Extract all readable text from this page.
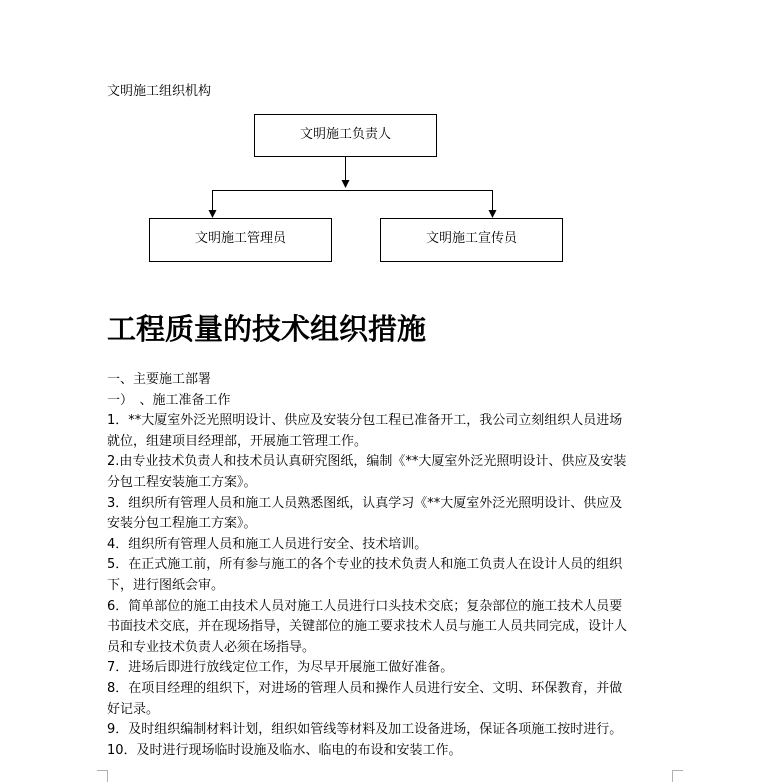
文明施工组织机构
文明施工负责人
文明施工管理员	文明施工宣传员
工程质量的技术组织措施
一、主要施工部署
一）　、施工准备工作
1．**大厦室外泛光照明设计、供应及安装分包工程已准备开工，我公司立刻组织人员进场
就位，组建项目经理部，开展施工管理工作。
2.由专业技术负责人和技术员认真研究图纸，编制《**大厦室外泛光照明设计、供应及安装
分包工程安装施工方案》。
3．组织所有管理人员和施工人员熟悉图纸，认真学习《**大厦室外泛光照明设计、供应及
安装分包工程施工方案》。
4．组织所有管理人员和施工人员进行安全、技术培训。
5．在正式施工前，所有参与施工的各个专业的技术负责人和施工负责人在设计人员的组织
下，进行图纸会审。
6．简单部位的施工由技术人员对施工人员进行口头技术交底；复杂部位的施工技术人员要
书面技术交底，并在现场指导，关键部位的施工要求技术人员与施工人员共同完成，设计人
员和专业技术负责人必须在场指导。
7．进场后即进行放线定位工作，为尽早开展施工做好准备。
8．在项目经理的组织下，对进场的管理人员和操作人员进行安全、文明、环保教育，并做
好记录。
9．及时组织编制材料计划，组织如管线等材料及加工设备进场，保证各项施工按时进行。
10．及时进行现场临时设施及临水、临电的布设和安装工作。
